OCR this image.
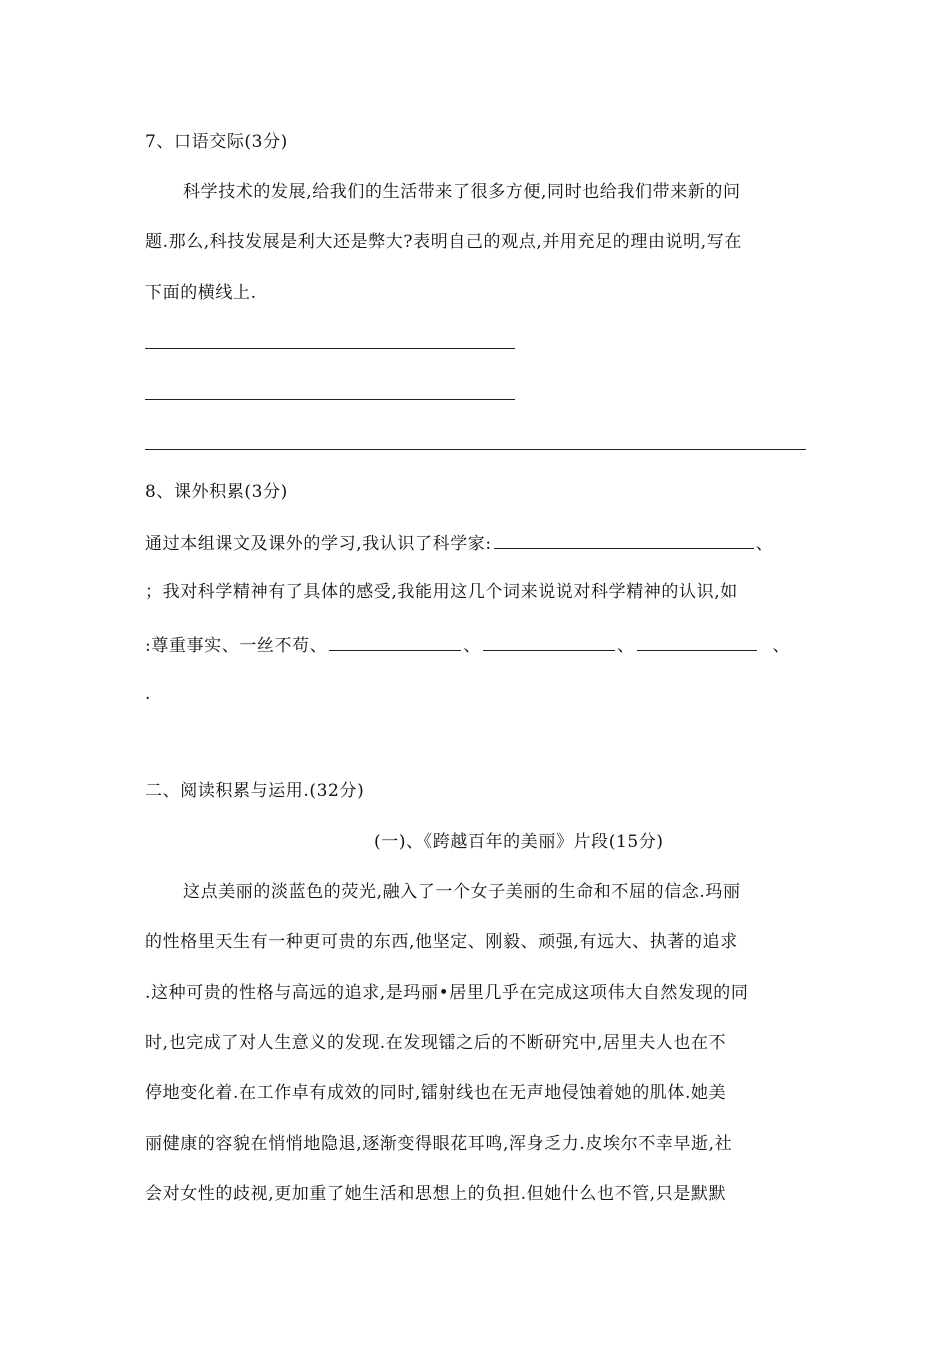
7、口语交际(3分)
科学技术的发展,给我们的生活带来了很多方便,同时也给我们带来新的问
题.那么,科技发展是利大还是弊大?表明自己的观点,并用充足的理由说明,写在
下面的横线上.
8、课外积累(3分)
通过本组课文及课外的学习,我认识了科学家:	、
；我对科学精神有了具体的感受,我能用这几个词来说说对科学精神的认识,如
:尊重事实、一丝不苟、	、	、	、
.
二、阅读积累与运用.(32分)
(一)、《跨越百年的美丽》片段(15分)
这点美丽的淡蓝色的荧光,融入了一个女子美丽的生命和不屈的信念.玛丽
的性格里天生有一种更可贵的东西,他坚定、刚毅、顽强,有远大、执著的追求
.这种可贵的性格与高远的追求,是玛丽•居里几乎在完成这项伟大自然发现的同
时,也完成了对人生意义的发现.在发现镭之后的不断研究中,居里夫人也在不
停地变化着.在工作卓有成效的同时,镭射线也在无声地侵蚀着她的肌体.她美
丽健康的容貌在悄悄地隐退,逐渐变得眼花耳鸣,浑身乏力.皮埃尔不幸早逝,社
会对女性的歧视,更加重了她生活和思想上的负担.但她什么也不管,只是默默
